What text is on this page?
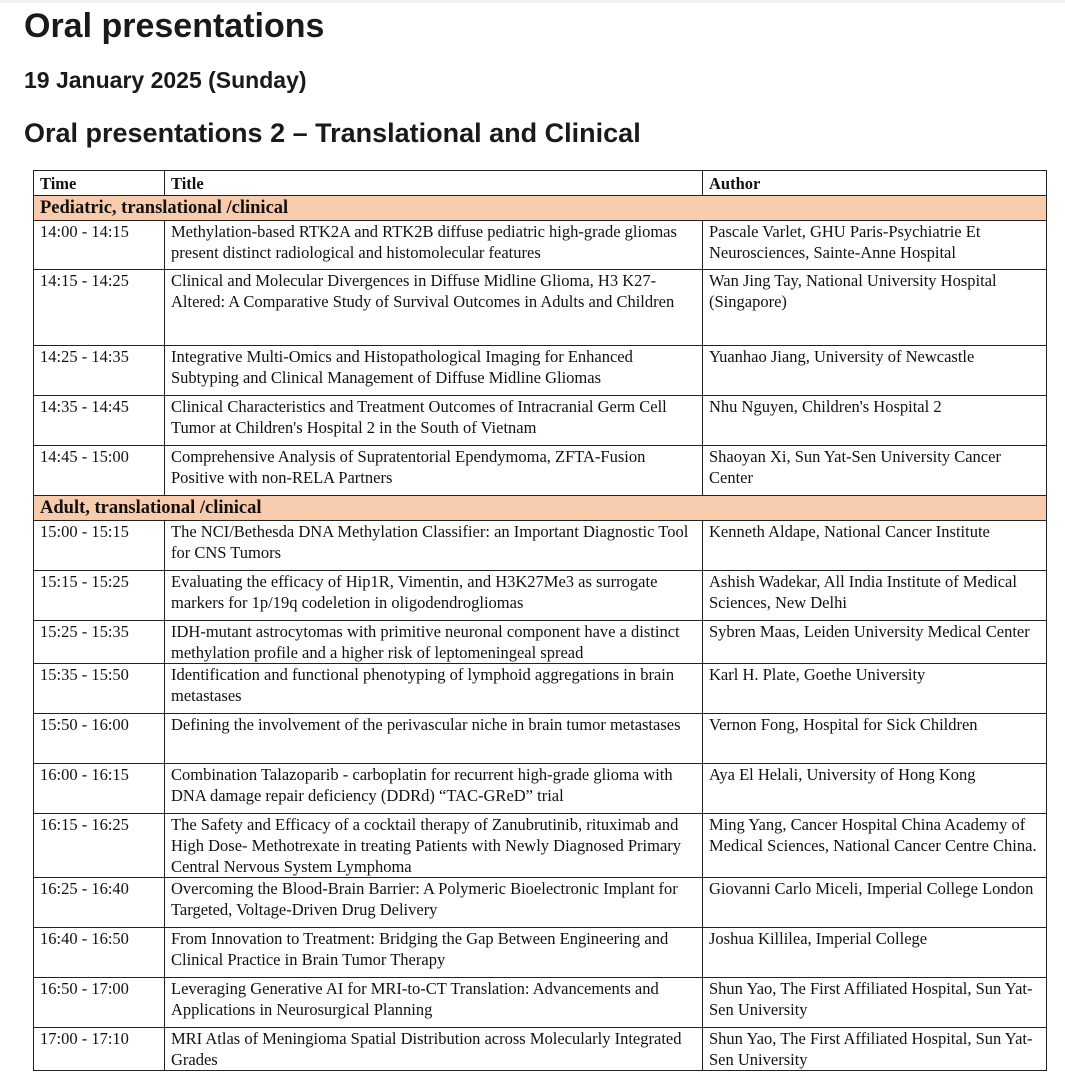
Oral presentations
19 January 2025 (Sunday)
Oral presentations 2 – Translational and Clinical
Time	Title	Author
Pediatric, translational /clinical		
14:00 - 14:15	Methylation-based RTK2A and RTK2B diffuse pediatric high-grade gliomas present distinct radiological and histomolecular features	Pascale Varlet, GHU Paris-Psychiatrie Et Neurosciences, Sainte-Anne Hospital
14:15 - 14:25	Clinical and Molecular Divergences in Diffuse Midline Glioma, H3 K27-Altered: A Comparative Study of Survival Outcomes in Adults and Children	Wan Jing Tay, National University Hospital (Singapore)
14:25 - 14:35	Integrative Multi-Omics and Histopathological Imaging for Enhanced Subtyping and Clinical Management of Diffuse Midline Gliomas	Yuanhao Jiang, University of Newcastle
14:35 - 14:45	Clinical Characteristics and Treatment Outcomes of Intracranial Germ Cell Tumor at Children's Hospital 2 in the South of Vietnam	Nhu Nguyen, Children's Hospital 2
14:45 - 15:00	Comprehensive Analysis of Supratentorial Ependymoma, ZFTA-Fusion Positive with non-RELA Partners	Shaoyan Xi, Sun Yat-Sen University Cancer Center
Adult, translational /clinical		
15:00 - 15:15	The NCI/Bethesda DNA Methylation Classifier: an Important Diagnostic Tool for CNS Tumors	Kenneth Aldape, National Cancer Institute
15:15 - 15:25	Evaluating the efficacy of Hip1R, Vimentin, and H3K27Me3 as surrogate markers for 1p/19q codeletion in oligodendrogliomas	Ashish Wadekar, All India Institute of Medical Sciences, New Delhi
15:25 - 15:35	IDH-mutant astrocytomas with primitive neuronal component have a distinct methylation profile and a higher risk of leptomeningeal spread	Sybren Maas, Leiden University Medical Center
15:35 - 15:50	Identification and functional phenotyping of lymphoid aggregations in brain metastases	Karl H. Plate, Goethe University
15:50 - 16:00	Defining the involvement of the perivascular niche in brain tumor metastases	Vernon Fong, Hospital for Sick Children
16:00 - 16:15	Combination Talazoparib - carboplatin for recurrent high-grade glioma with DNA damage repair deficiency (DDRd) “TAC-GReD” trial	Aya El Helali, University of Hong Kong
16:15 - 16:25	The Safety and Efficacy of a cocktail therapy of Zanubrutinib, rituximab and High Dose- Methotrexate in treating Patients with Newly Diagnosed Primary Central Nervous System Lymphoma	Ming Yang, Cancer Hospital China Academy of Medical Sciences, National Cancer Centre China.
16:25 - 16:40	Overcoming the Blood-Brain Barrier: A Polymeric Bioelectronic Implant for Targeted, Voltage-Driven Drug Delivery	Giovanni Carlo Miceli, Imperial College London
16:40 - 16:50	From Innovation to Treatment: Bridging the Gap Between Engineering and Clinical Practice in Brain Tumor Therapy	Joshua Killilea, Imperial College
16:50 - 17:00	Leveraging Generative AI for MRI-to-CT Translation: Advancements and Applications in Neurosurgical Planning	Shun Yao, The First Affiliated Hospital, Sun Yat-Sen University
17:00 - 17:10	MRI Atlas of Meningioma Spatial Distribution across Molecularly Integrated Grades	Shun Yao, The First Affiliated Hospital, Sun Yat-Sen University
